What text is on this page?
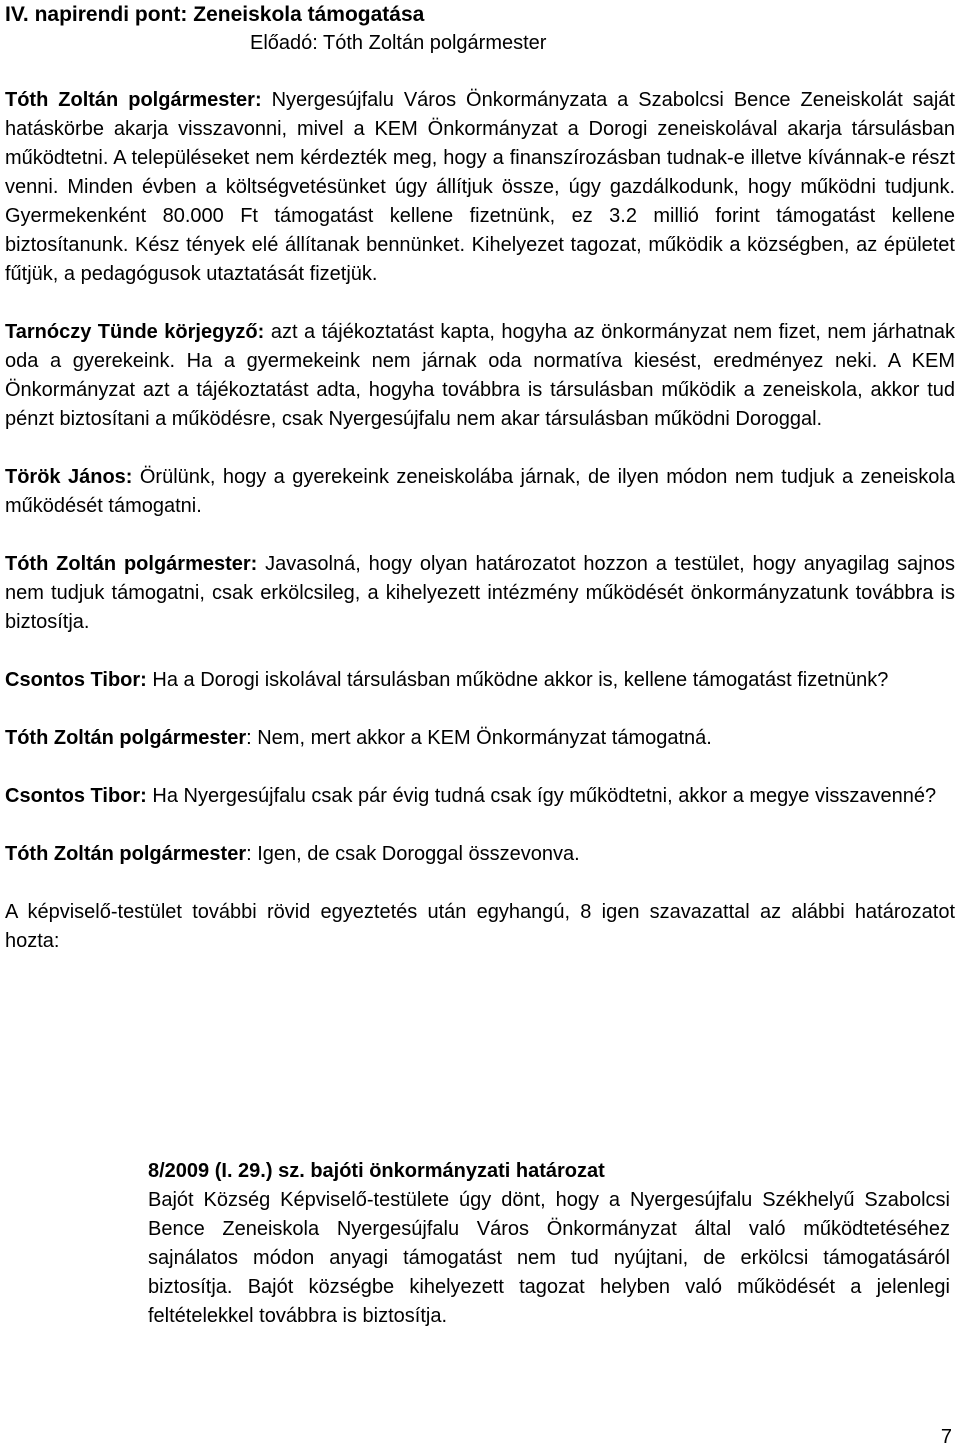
IV. napirendi pont: Zeneiskola támogatása

Előadó: Tóth Zoltán polgármester

Tóth Zoltán polgármester: Nyergesújfalu Város Önkormányzata a Szabolcsi Bence Zeneiskolát saját hatáskörbe akarja visszavonni, mivel a KEM Önkormányzat a Dorogi zeneiskolával akarja társulásban működtetni. A településeket nem kérdezték meg, hogy a finanszírozásban tudnak-e illetve kívánnak-e részt venni. Minden évben a költségvetésünket úgy állítjuk össze, úgy gazdálkodunk, hogy működni tudjunk. Gyermekenként 80.000 Ft támogatást kellene fizetnünk, ez 3.2 millió forint támogatást kellene biztosítanunk. Kész tények elé állítanak bennünket. Kihelyezet tagozat, működik a községben, az épületet fűtjük, a pedagógusok utaztatását fizetjük.

Tarnóczy Tünde körjegyző: azt a tájékoztatást kapta, hogyha az önkormányzat nem fizet, nem járhatnak oda a gyerekeink. Ha a gyermekeink nem járnak oda normatíva kiesést, eredményez neki. A KEM Önkormányzat azt a tájékoztatást adta, hogyha továbbra is társulásban működik a zeneiskola, akkor tud pénzt biztosítani a működésre, csak Nyergesújfalu nem akar társulásban működni Doroggal.

Török János: Örülünk, hogy a gyerekeink zeneiskolába járnak, de ilyen módon nem tudjuk a zeneiskola működését támogatni.

Tóth Zoltán polgármester: Javasolná, hogy olyan határozatot hozzon a testület, hogy anyagilag sajnos nem tudjuk támogatni, csak erkölcsileg, a kihelyezett intézmény működését önkormányzatunk továbbra is biztosítja.

Csontos Tibor: Ha a Dorogi iskolával társulásban működne akkor is, kellene támogatást fizetnünk?

Tóth Zoltán polgármester: Nem, mert akkor a KEM Önkormányzat támogatná.

Csontos Tibor: Ha Nyergesújfalu csak pár évig tudná csak így működtetni, akkor a megye visszavenné?

Tóth Zoltán polgármester: Igen, de csak Doroggal összevonva.

A képviselő-testület további rövid egyeztetés után egyhangú, 8 igen szavazattal az alábbi határozatot hozta:

8/2009 (I. 29.) sz. bajóti önkormányzati határozat

Bajót Község Képviselő-testülete úgy dönt, hogy a Nyergesújfalu Székhelyű Szabolcsi Bence Zeneiskola Nyergesújfalu Város Önkormányzat által való működtetéséhez sajnálatos módon anyagi támogatást nem tud nyújtani, de erkölcsi támogatásáról biztosítja. Bajót községbe kihelyezett tagozat helyben való működését a jelenlegi feltételekkel továbbra is biztosítja.

7
